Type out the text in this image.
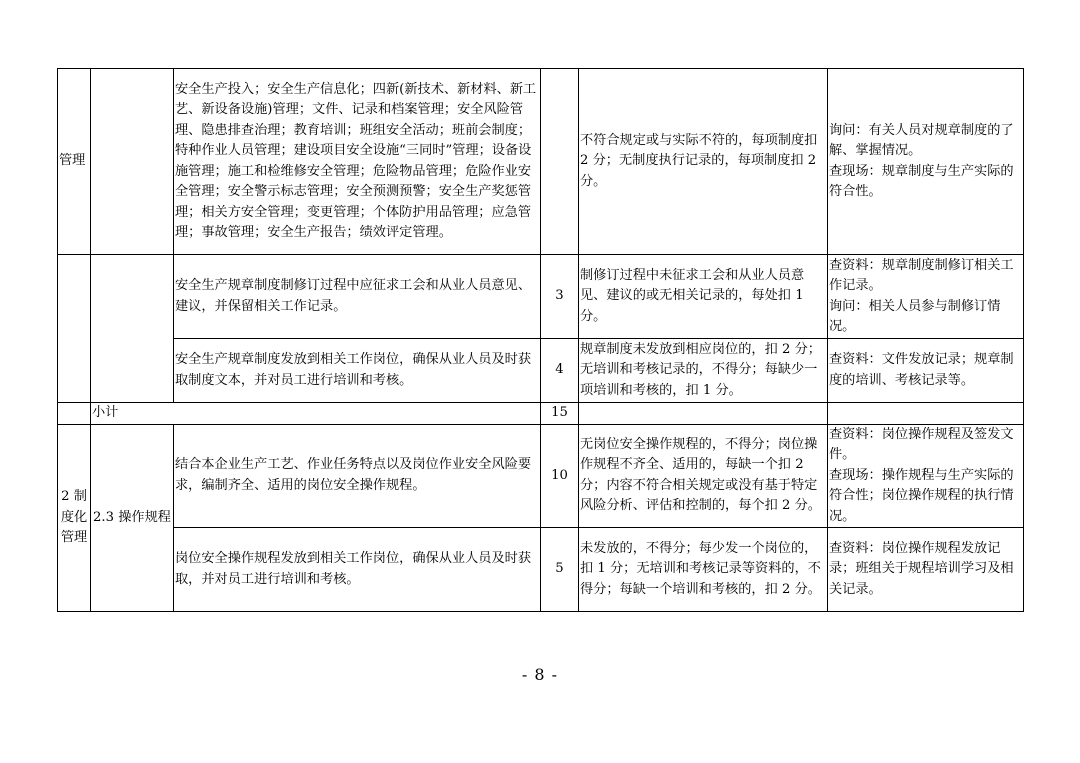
管理		安全生产投入；安全生产信息化；四新(新技术、新材料、新工艺、新设备设施)管理；文件、记录和档案管理；安全风险管理、隐患排查治理；教育培训；班组安全活动；班前会制度；特种作业人员管理；建设项目安全设施“三同时”管理；设备设施管理；施工和检维修安全管理；危险物品管理；危险作业安全管理；安全警示标志管理；安全预测预警；安全生产奖惩管理；相关方安全管理；变更管理；个体防护用品管理；应急管理；事故管理；安全生产报告；绩效评定管理。		不符合规定或与实际不符的，每项制度扣 2 分；无制度执行记录的，每项制度扣 2 分。	询问：有关人员对规章制度的了解、掌握情况。
查现场：规章制度与生产实际的符合性。
		安全生产规章制度制修订过程中应征求工会和从业人员意见、建议，并保留相关工作记录。	3	制修订过程中未征求工会和从业人员意见、建议的或无相关记录的，每处扣 1 分。	查资料：规章制度制修订相关工作记录。
询问：相关人员参与制修订情况。
		安全生产规章制度发放到相关工作岗位，确保从业人员及时获取制度文本，并对员工进行培训和考核。	4	规章制度未发放到相应岗位的，扣 2 分；无培训和考核记录的，不得分；每缺少一项培训和考核的，扣 1 分。	查资料：文件发放记录；规章制度的培训、考核记录等。
	小计		15		
2 制度化管理	2.3 操作规程	结合本企业生产工艺、作业任务特点以及岗位作业安全风险要求，编制齐全、适用的岗位安全操作规程。	10	无岗位安全操作规程的，不得分；岗位操作规程不齐全、适用的，每缺一个扣 2 分；内容不符合相关规定或没有基于特定风险分析、评估和控制的，每个扣 2 分。	查资料：岗位操作规程及签发文件。
查现场：操作规程与生产实际的符合性；岗位操作规程的执行情况。
		岗位安全操作规程发放到相关工作岗位，确保从业人员及时获取，并对员工进行培训和考核。	5	未发放的，不得分；每少发一个岗位的，扣 1 分；无培训和考核记录等资料的，不得分；每缺一个培训和考核的，扣 2 分。	查资料：岗位操作规程发放记录；班组关于规程培训学习及相关记录。
- 8 -
